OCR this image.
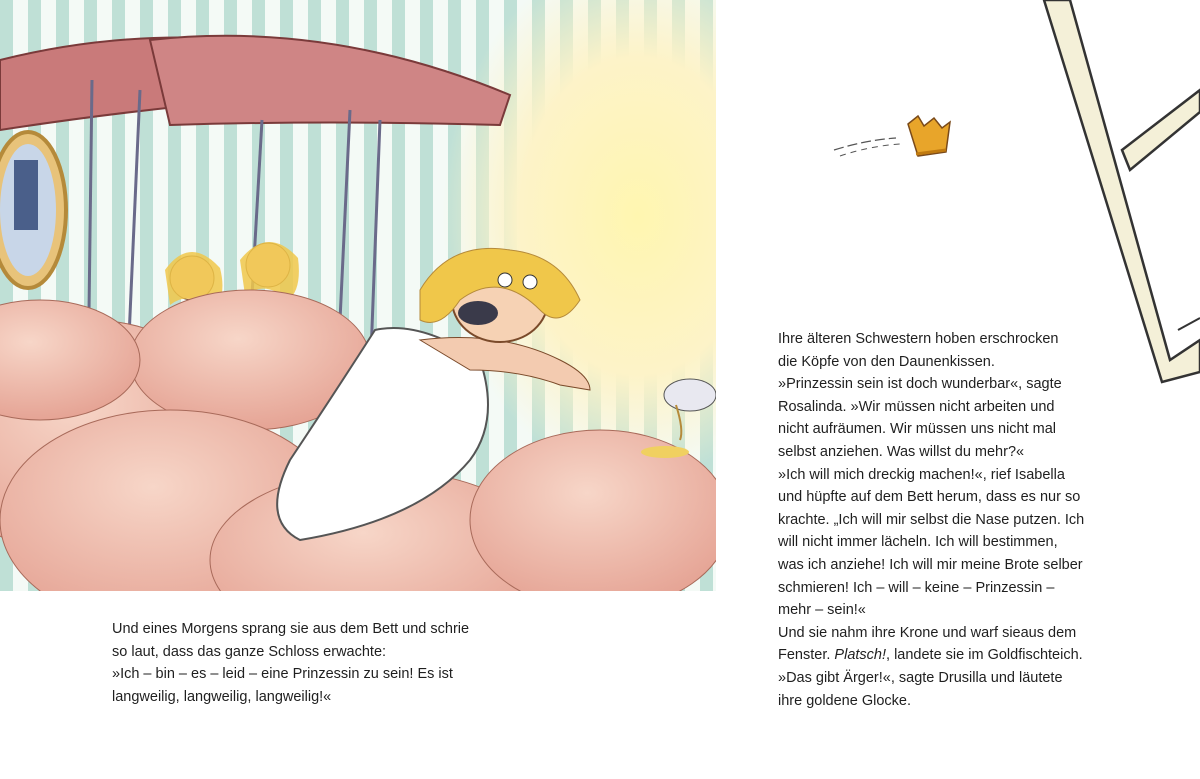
Und eines Morgens sprang sie aus dem Bett und schrie

so laut, dass das ganze Schloss erwachte:

»Ich – bin – es – leid – eine Prinzessin zu sein! Es ist

langweilig, langweilig, langweilig!«

Ihre älteren Schwestern hoben erschrocken

die Köpfe von den Daunenkissen.

»Prinzessin sein ist doch wunderbar«, sagte

Rosalinda. »Wir müssen nicht arbeiten und

nicht aufräumen. Wir müssen uns nicht mal

selbst anziehen. Was willst du mehr?«

»Ich will mich dreckig machen!«, rief Isabella

und hüpfte auf dem Bett herum, dass es nur so

krachte. „Ich will mir selbst die Nase putzen. Ich

will nicht immer lächeln. Ich will bestimmen,

was ich anziehe! Ich will mir meine Brote selber

schmieren! Ich – will – keine – Prinzessin –

mehr – sein!«

Und sie nahm ihre Krone und warf sieaus dem

Fenster. Platsch!, landete sie im Goldfischteich.

»Das gibt Ärger!«, sagte Drusilla und läutete

ihre goldene Glocke.
